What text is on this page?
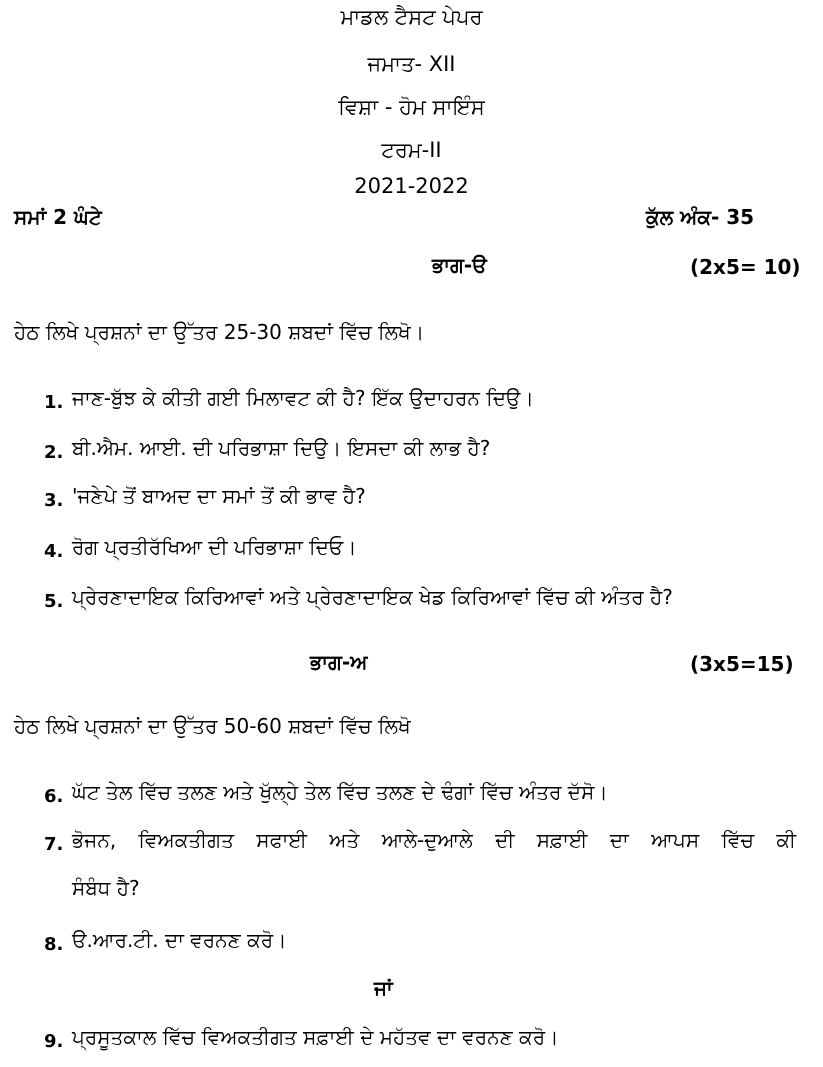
ਮਾਡਲ ਟੈਸਟ ਪੇਪਰ
ਜਮਾਤ- XII
ਵਿਸ਼ਾ - ਹੋਮ ਸਾਇੰਸ
ਟਰਮ-II
2021-2022
ਸਮਾਂ 2 ਘੰਟੇ	ਕੁੱਲ ਅੰਕ- 35
ਭਾਗ-ੳ	(2x5= 10)
ਹੇਠ ਲਿਖੇ ਪ੍ਰਸ਼ਨਾਂ ਦਾ ਉੱਤਰ 25-30 ਸ਼ਬਦਾਂ ਵਿੱਚ ਲਿਖੋ।
1. ਜਾਣ-ਬੁੱਝ ਕੇ ਕੀਤੀ ਗਈ ਮਿਲਾਵਟ ਕੀ ਹੈ? ਇੱਕ ਉਦਾਹਰਨ ਦਿਉ।
2. ਬੀ.ਐਮ. ਆਈ. ਦੀ ਪਰਿਭਾਸ਼ਾ ਦਿਉ। ਇਸਦਾ ਕੀ ਲਾਭ ਹੈ?
3. 'ਜਣੇਪੇ ਤੋਂ ਬਾਅਦ ਦਾ ਸਮਾਂ ਤੋਂ ਕੀ ਭਾਵ ਹੈ?
4. ਰੋਗ ਪ੍ਰਤੀਰੱਖਿਆ ਦੀ ਪਰਿਭਾਸ਼ਾ ਦਿਓ।
5. ਪ੍ਰੇਰਣਾਦਾਇਕ ਕਿਰਿਆਵਾਂ ਅਤੇ ਪ੍ਰੇਰਣਾਦਾਇਕ ਖੇਡ ਕਿਰਿਆਵਾਂ ਵਿੱਚ ਕੀ ਅੰਤਰ ਹੈ?
ਭਾਗ-ਅ	(3x5=15)
ਹੇਠ ਲਿਖੇ ਪ੍ਰਸ਼ਨਾਂ ਦਾ ਉੱਤਰ 50-60 ਸ਼ਬਦਾਂ ਵਿੱਚ ਲਿਖੋ
6. ਘੱਟ ਤੇਲ ਵਿੱਚ ਤਲਣ ਅਤੇ ਖੁੱਲ੍ਹੇ ਤੇਲ ਵਿੱਚ ਤਲਣ ਦੇ ਢੰਗਾਂ ਵਿੱਚ ਅੰਤਰ ਦੱਸੋ।
7. ਭੋਜਨ, ਵਿਅਕਤੀਗਤ ਸਫਾਈ ਅਤੇ ਆਲੇ-ਦੁਆਲੇ ਦੀ ਸਫ਼ਾਈ ਦਾ ਆਪਸ ਵਿੱਚ ਕੀ
ਸੰਬੰਧ ਹੈ?
8. ੳ.ਆਰ.ਟੀ. ਦਾ ਵਰਨਣ ਕਰੋ।
ਜਾਂ
9. ਪ੍ਰਸੂਤਕਾਲ ਵਿੱਚ ਵਿਅਕਤੀਗਤ ਸਫ਼ਾਈ ਦੇ ਮਹੱਤਵ ਦਾ ਵਰਨਣ ਕਰੋ।
